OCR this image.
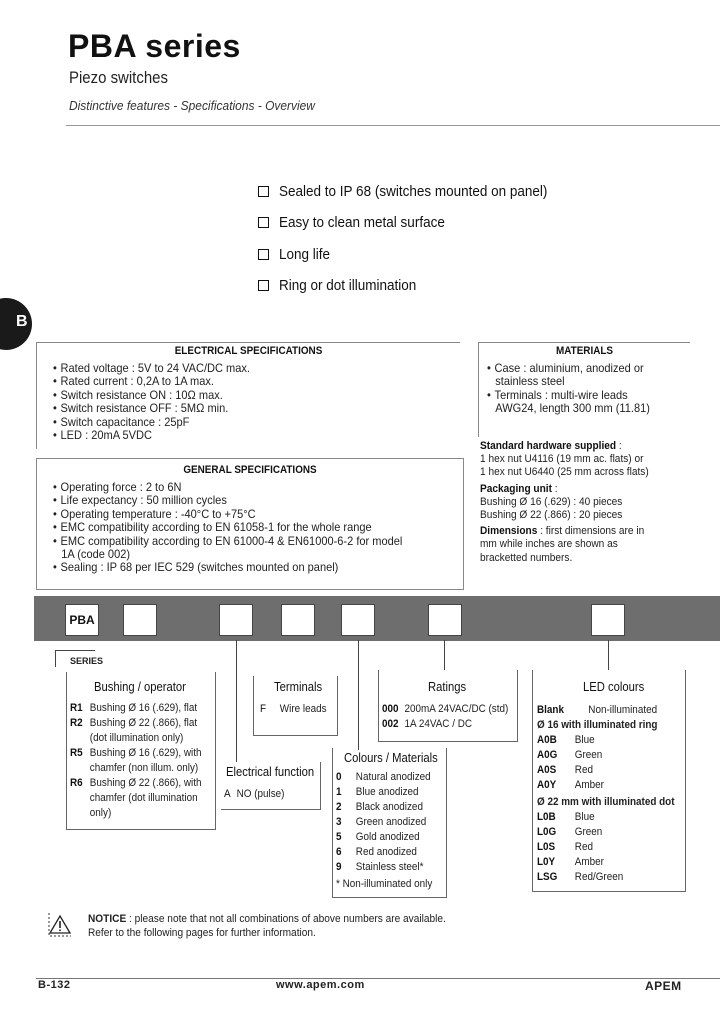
PBA series
Piezo switches
Distinctive features - Specifications - Overview
Sealed to IP 68 (switches mounted on panel)
Easy to clean metal surface
Long life
Ring or dot illumination
B
ELECTRICAL SPECIFICATIONS
• Rated voltage : 5V to 24 VAC/DC max.
• Rated current : 0,2A to 1A max.
• Switch resistance ON : 10Ω max.
• Switch resistance OFF : 5MΩ min.
• Switch capacitance : 25pF
• LED : 20mA 5VDC
GENERAL SPECIFICATIONS
• Operating force : 2 to 6N
• Life expectancy : 50 million cycles
• Operating temperature : -40°C to +75°C
• EMC compatibility according to EN 61058-1 for the whole range
• EMC compatibility according to EN 61000-4 & EN61000-6-2 for model
1A (code 002)
• Sealing : IP 68 per IEC 529 (switches mounted on panel)
MATERIALS
• Case : aluminium, anodized or
stainless steel
• Terminals : multi-wire leads
AWG24, length 300 mm (11.81)
Standard hardware supplied :
1 hex nut U4116 (19 mm ac. flats) or
1 hex nut U6440 (25 mm across flats)
Packaging unit :
Bushing Ø 16 (.629) : 40 pieces
Bushing Ø 22 (.866) : 20 pieces
Dimensions : first dimensions are in
mm while inches are shown as
bracketted numbers.
PBA
SERIES
Bushing / operator
R1 Bushing Ø 16 (.629), flat
R2 Bushing Ø 22 (.866), flat
(dot illumination only)
R5 Bushing Ø 16 (.629), with
chamfer (non illum. only)
R6 Bushing Ø 22 (.866), with
chamfer (dot illumination
only)
Terminals
F Wire leads
Electrical function
A NO (pulse)
Ratings
000 200mA 24VAC/DC (std)
002 1A 24VAC / DC
Colours / Materials
0 Natural anodized
1 Blue anodized
2 Black anodized
3 Green anodized
5 Gold anodized
6 Red anodized
9 Stainless steel*
* Non-illuminated only
LED colours
Blank Non-illuminated
Ø 16 with illuminated ring
A0B Blue
A0G Green
A0S Red
A0Y Amber
Ø 22 mm with illuminated dot
L0B Blue
L0G Green
L0S Red
L0Y Amber
LSG Red/Green
NOTICE : please note that not all combinations of above numbers are available.
Refer to the following pages for further information.
B-132	www.apem.com	APEM
